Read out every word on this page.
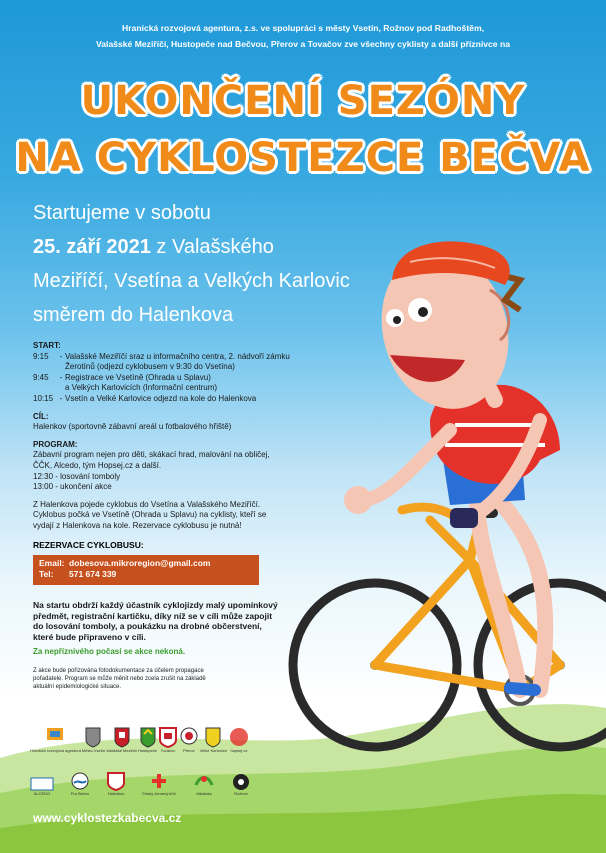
Hranická rozvojová agentura, z.s. ve spolupráci s městy Vsetín, Rožnov pod Radhoštěm,
Valašské Meziříčí, Hustopeče nad Bečvou, Přerov a Tovačov zve všechny cyklisty a další příznivce na
UKONČENÍ SEZÓNY
NA CYKLOSTEZCE BEČVA
Startujeme v sobotu
25. září 2021 z Valašského
Meziříčí, Vsetína a Velkých Karlovic
směrem do Halenkova
START:
9:15	- Valašské Meziříčí sraz u informačního centra, 2. nádvoří zámku
Žerotínů (odjezd cyklobusem v 9:30 do Vsetína)
9:45	- Registrace ve Vsetíně (Ohrada u Splavu)
a Velkých Karlovicích (Informační centrum)
10:15 - Vsetín a Velké Karlovice odjezd na kole do Halenkova
CÍL:
Halenkov (sportovně zábavní areál u fotbalového hřiště)
PROGRAM:
Zábavní program nejen pro děti, skákací hrad, malování na obličej,
ČČK, Alcedo, tým Hopsej.cz a další.
12:30 - losování tomboly
13:00 - ukončení akce
Z Halenkova pojede cyklobus do Vsetína a Valašského Meziříčí.
Cyklobus počká ve Vsetíně (Ohrada u Splavu) na cyklisty, kteří se
vydají z Halenkova na kole. Rezervace cyklobusu je nutná!
REZERVACE CYKLOBUSU:
Email: dobesova.mikroregion@gmail.com
Tel: 571 674 339
Na startu obdrží každý účastník cyklojízdy malý upomínkový
předmět, registrační kartičku, díky níž se v cíli může zapojit
do losování tomboly, a poukázku na drobné občerstvení,
které bude připraveno v cíli.
Za nepříznivého počasí se akce nekoná.
Z akce bude pořizována fotodokumentace za účelem propagace
pořadatele. Program se může měnit nebo zcela zrušit na základě
aktuální epidemiologické situace.
Hranická rozvojová agentura Město Vsetín Valašské Meziříčí Hustopeče Tovačov Přerov Velké Karlovice hopsej.cz
ALCEDO	Pro Bečvu	Halenkov	Český červený kříž	Valašsko	Rožnov
www.cyklostezkabecva.cz
